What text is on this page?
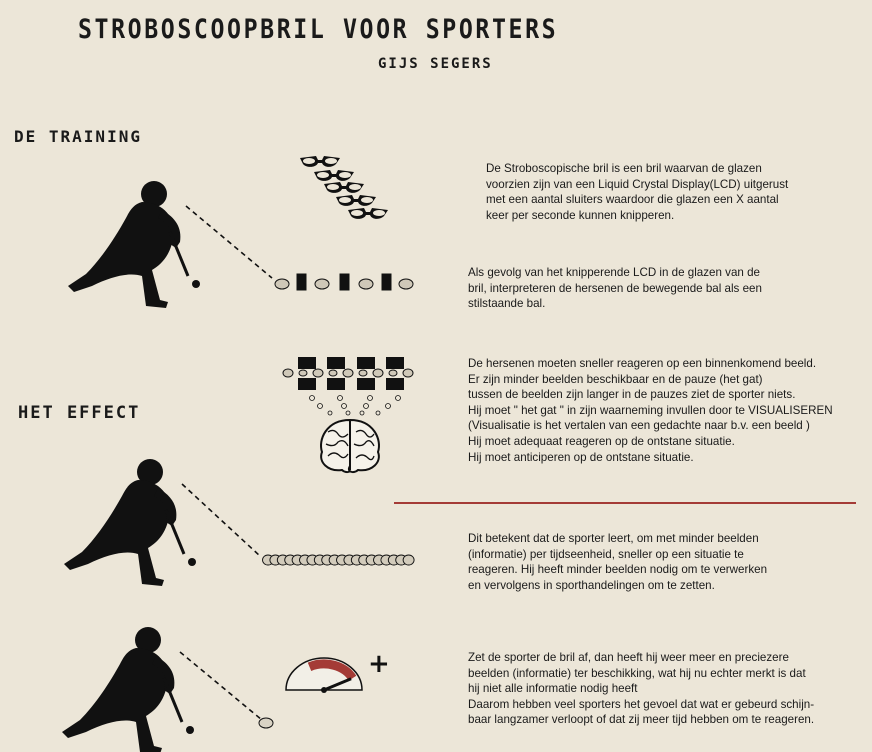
STROBOSCOOPBRIL VOOR SPORTERS
GIJS SEGERS
DE TRAINING
HET EFFECT
De Stroboscopische bril is een bril waarvan de glazen
voorzien zijn van een Liquid Crystal Display(LCD) uitgerust
met een aantal sluiters waardoor die glazen een X aantal
keer per seconde kunnen knipperen.
Als gevolg van het knipperende LCD in de glazen van de
bril, interpreteren de hersenen de bewegende bal als een
stilstaande bal.
De hersenen moeten sneller reageren op een binnenkomend beeld.
Er zijn minder beelden beschikbaar en de pauze (het gat)
tussen de beelden zijn langer in de pauzes ziet de sporter niets.
Hij moet " het gat " in zijn waarneming invullen door te VISUALISEREN
(Visualisatie is het vertalen van een gedachte naar b.v. een beeld )
Hij moet adequaat reageren op de ontstane situatie.
Hij moet anticiperen op de ontstane situatie.
Dit betekent dat de sporter leert, om met minder beelden
(informatie) per tijdseenheid, sneller op een situatie te
reageren. Hij heeft minder beelden nodig om te verwerken
en vervolgens in sporthandelingen om te zetten.
Zet de sporter de bril af, dan heeft hij weer meer en preciezere
beelden (informatie) ter beschikking, wat hij nu echter merkt is dat
hij niet alle informatie nodig heeft
Daarom hebben veel sporters het gevoel dat wat er gebeurd schijn-
baar langzamer verloopt of dat zij meer tijd hebben om te reageren.
+
